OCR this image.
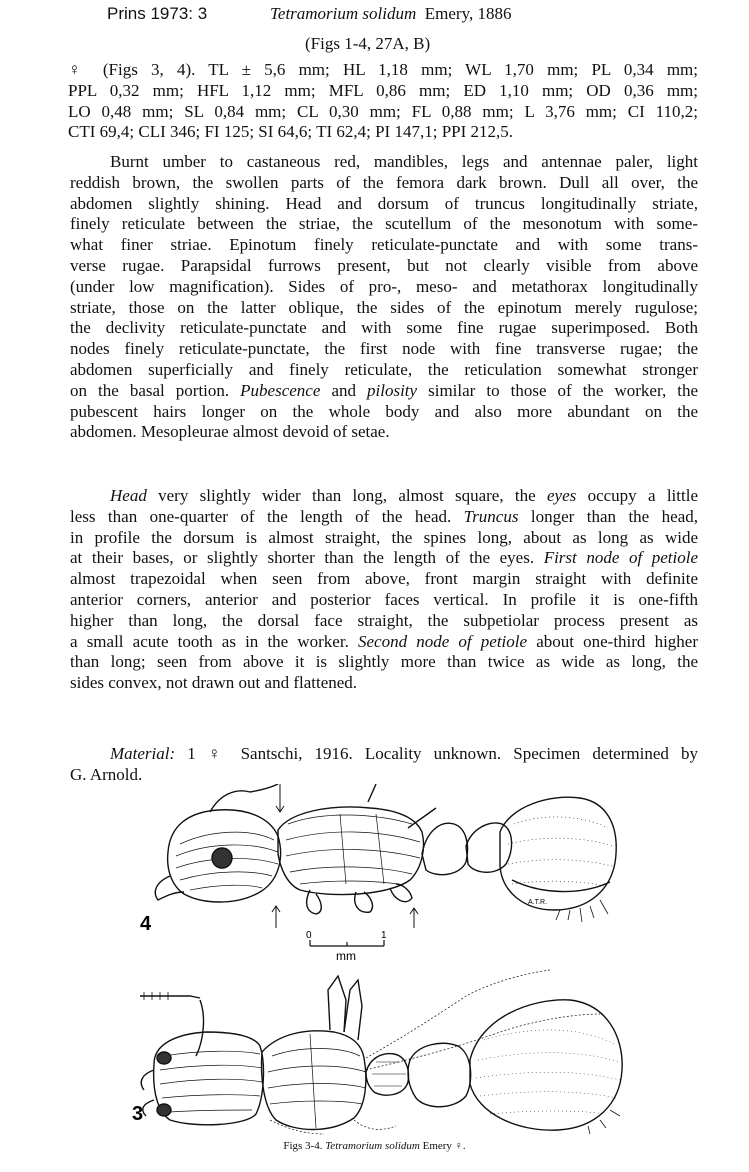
Prins 1973: 3	Tetramorium solidum Emery, 1886
(Figs 1-4, 27A, B)
♀ (Figs 3, 4). TL ± 5,6 mm; HL 1,18 mm; WL 1,70 mm; PL 0,34 mm;
PPL 0,32 mm; HFL 1,12 mm; MFL 0,86 mm; ED 1,10 mm; OD 0,36 mm;
LO 0,48 mm; SL 0,84 mm; CL 0,30 mm; FL 0,88 mm; L 3,76 mm; CI 110,2;
CTI 69,4; CLI 346; FI 125; SI 64,6; TI 62,4; PI 147,1; PPI 212,5.
Burnt umber to castaneous red, mandibles, legs and antennae paler, light
reddish brown, the swollen parts of the femora dark brown. Dull all over, the
abdomen slightly shining. Head and dorsum of truncus longitudinally striate,
finely reticulate between the striae, the scutellum of the mesonotum with some-
what finer striae. Epinotum finely reticulate-punctate and with some trans-
verse rugae. Parapsidal furrows present, but not clearly visible from above
(under low magnification). Sides of pro-, meso- and metathorax longitudinally
striate, those on the latter oblique, the sides of the epinotum merely rugulose;
the declivity reticulate-punctate and with some fine rugae superimposed. Both
nodes finely reticulate-punctate, the first node with fine transverse rugae; the
abdomen superficially and finely reticulate, the reticulation somewhat stronger
on the basal portion. Pubescence and pilosity similar to those of the worker, the
pubescent hairs longer on the whole body and also more abundant on the
abdomen. Mesopleurae almost devoid of setae.
Head very slightly wider than long, almost square, the eyes occupy a little
less than one-quarter of the length of the head. Truncus longer than the head,
in profile the dorsum is almost straight, the spines long, about as long as wide
at their bases, or slightly shorter than the length of the eyes. First node of petiole
almost trapezoidal when seen from above, front margin straight with definite
anterior corners, anterior and posterior faces vertical. In profile it is one-fifth
higher than long, the dorsal face straight, the subpetiolar process present as
a small acute tooth as in the worker. Second node of petiole about one-third higher
than long; seen from above it is slightly more than twice as wide as long, the
sides convex, not drawn out and flattened.
Material: 1 ♀ Santschi, 1916. Locality unknown. Specimen determined by
G. Arnold.
4
A.T.R.
0	1
mm
3
Figs 3-4. Tetramorium solidum Emery ♀.
